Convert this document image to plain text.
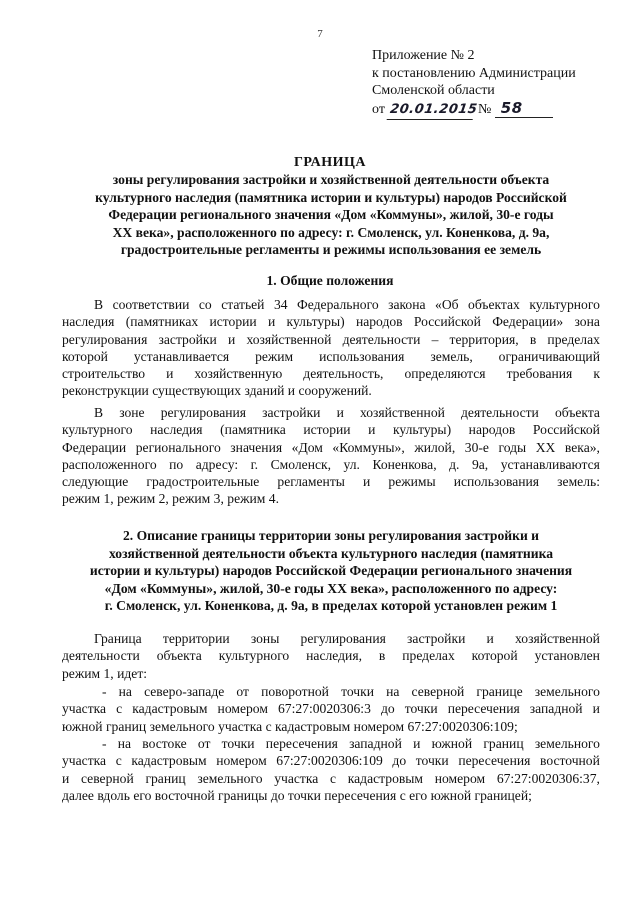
7
Приложение № 2
к постановлению Администрации
Смоленской области
от 20.01.2015 № 58
ГРАНИЦА
зоны регулирования застройки и хозяйственной деятельности объекта
культурного наследия (памятника истории и культуры) народов Российской
Федерации регионального значения «Дом «Коммуны», жилой, 30-е годы
XX века», расположенного по адресу: г. Смоленск, ул. Коненкова, д. 9а,
градостроительные регламенты и режимы использования ее земель
1. Общие положения
В соответствии со статьей 34 Федерального закона «Об объектах культурного
наследия (памятниках истории и культуры) народов Российской Федерации» зона
регулирования застройки и хозяйственной деятельности – территория, в пределах
которой устанавливается режим использования земель, ограничивающий
строительство и хозяйственную деятельность, определяются требования к
реконструкции существующих зданий и сооружений.
В зоне регулирования застройки и хозяйственной деятельности объекта
культурного наследия (памятника истории и культуры) народов Российской
Федерации регионального значения «Дом «Коммуны», жилой, 30-е годы XX века»,
расположенного по адресу: г. Смоленск, ул. Коненкова, д. 9а, устанавливаются
следующие градостроительные регламенты и режимы использования земель:
режим 1, режим 2, режим 3, режим 4.
2. Описание границы территории зоны регулирования застройки и
хозяйственной деятельности объекта культурного наследия (памятника
истории и культуры) народов Российской Федерации регионального значения
«Дом «Коммуны», жилой, 30-е годы XX века», расположенного по адресу:
г. Смоленск, ул. Коненкова, д. 9а, в пределах которой установлен режим 1
Граница территории зоны регулирования застройки и хозяйственной
деятельности объекта культурного наследия, в пределах которой установлен
режим 1, идет:
- на северо-западе от поворотной точки на северной границе земельного
участка с кадастровым номером 67:27:0020306:3 до точки пересечения западной и
южной границ земельного участка с кадастровым номером 67:27:0020306:109;
- на востоке от точки пересечения западной и южной границ земельного
участка с кадастровым номером 67:27:0020306:109 до точки пересечения восточной
и северной границ земельного участка с кадастровым номером 67:27:0020306:37,
далее вдоль его восточной границы до точки пересечения с его южной границей;
